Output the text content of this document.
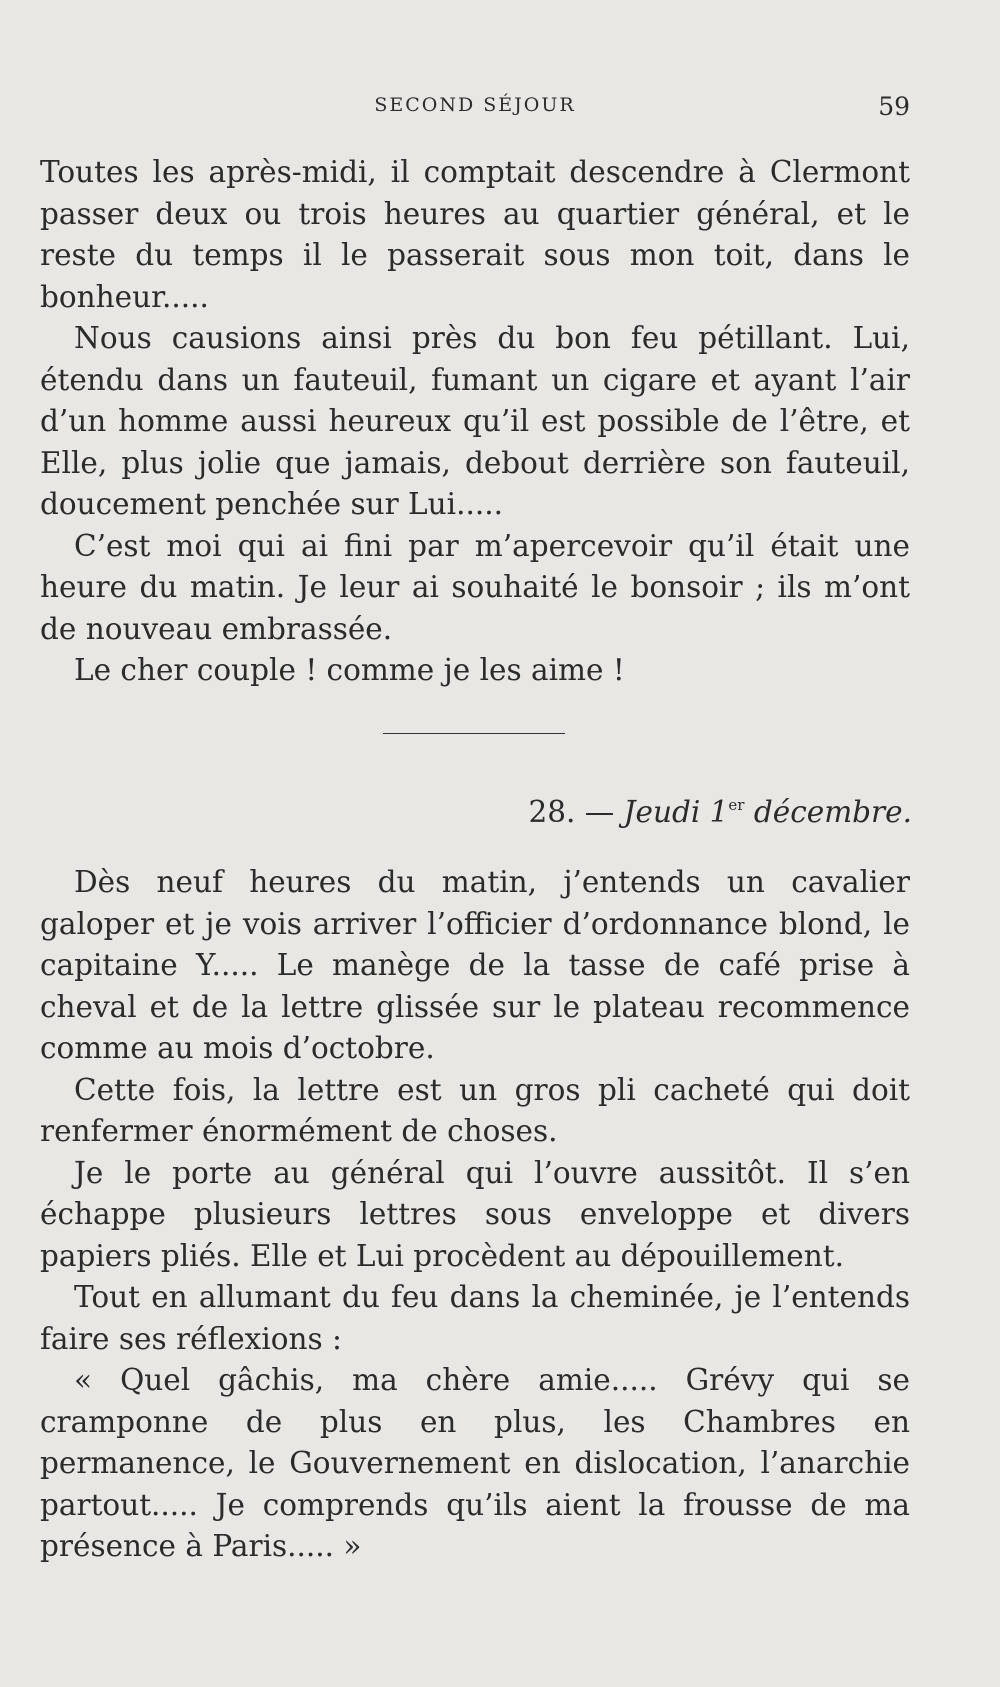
SECOND SÉJOUR	59

Toutes les après-midi, il comptait descendre à Clermont passer deux ou trois heures au quartier général, et le reste du temps il le passerait sous mon toit, dans le bonheur.....

Nous causions ainsi près du bon feu pétillant. Lui, étendu dans un fauteuil, fumant un cigare et ayant l’air d’un homme aussi heureux qu’il est possible de l’être, et Elle, plus jolie que jamais, debout derrière son fauteuil, doucement penchée sur Lui.....

C’est moi qui ai fini par m’apercevoir qu’il était une heure du matin. Je leur ai souhaité le bonsoir ; ils m’ont de nouveau embrassée.

Le cher couple ! comme je les aime !

28. — Jeudi 1er décembre.

Dès neuf heures du matin, j’entends un cavalier galoper et je vois arriver l’officier d’ordonnance blond, le capitaine Y..... Le manège de la tasse de café prise à cheval et de la lettre glissée sur le plateau recommence comme au mois d’octobre.

Cette fois, la lettre est un gros pli cacheté qui doit renfermer énormément de choses.

Je le porte au général qui l’ouvre aussitôt. Il s’en échappe plusieurs lettres sous enveloppe et divers papiers pliés. Elle et Lui procèdent au dépouillement.

Tout en allumant du feu dans la cheminée, je l’entends faire ses réflexions :

« Quel gâchis, ma chère amie..... Grévy qui se cramponne de plus en plus, les Chambres en permanence, le Gouvernement en dislocation, l’anarchie partout..... Je comprends qu’ils aient la frousse de ma présence à Paris..... »
